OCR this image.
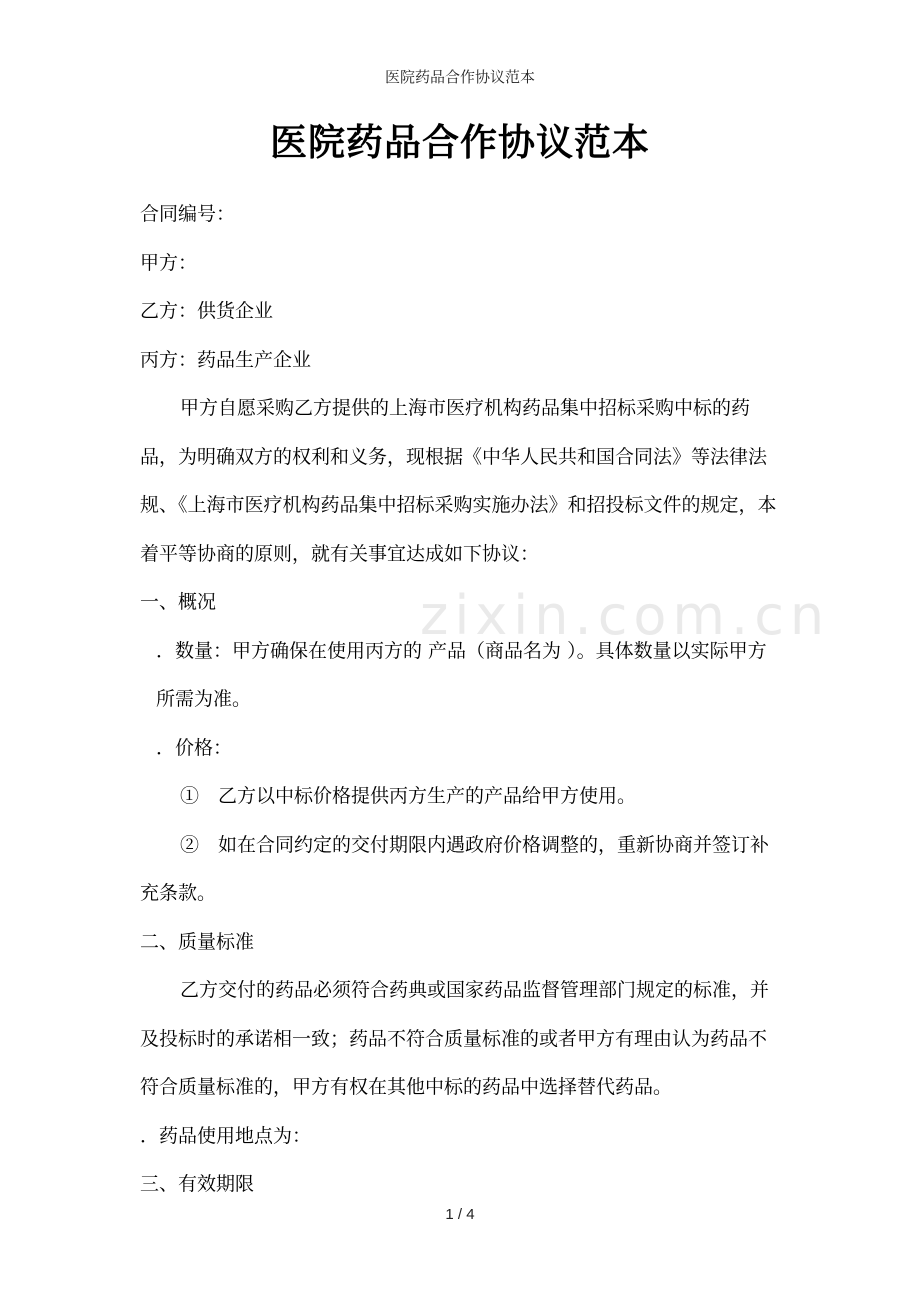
医院药品合作协议范本
医院药品合作协议范本

合同编号：

甲方：

乙方：供货企业

丙方：药品生产企业

甲方自愿采购乙方提供的上海市医疗机构药品集中招标采购中标的药品，为明确双方的权利和义务，现根据《中华人民共和国合同法》等法律法规、《上海市医疗机构药品集中招标采购实施办法》和招投标文件的规定，本着平等协商的原则，就有关事宜达成如下协议：

一、概况

．数量：甲方确保在使用丙方的 产品（商品名为 ）。具体数量以实际甲方所需为准。

．价格：

①　乙方以中标价格提供丙方生产的产品给甲方使用。

②　如在合同约定的交付期限内遇政府价格调整的，重新协商并签订补充条款。

二、质量标准

乙方交付的药品必须符合药典或国家药品监督管理部门规定的标准，并及投标时的承诺相一致；药品不符合质量标准的或者甲方有理由认为药品不符合质量标准的，甲方有权在其他中标的药品中选择替代药品。

．药品使用地点为：

三、有效期限

zixin.com.cn
1 / 4
